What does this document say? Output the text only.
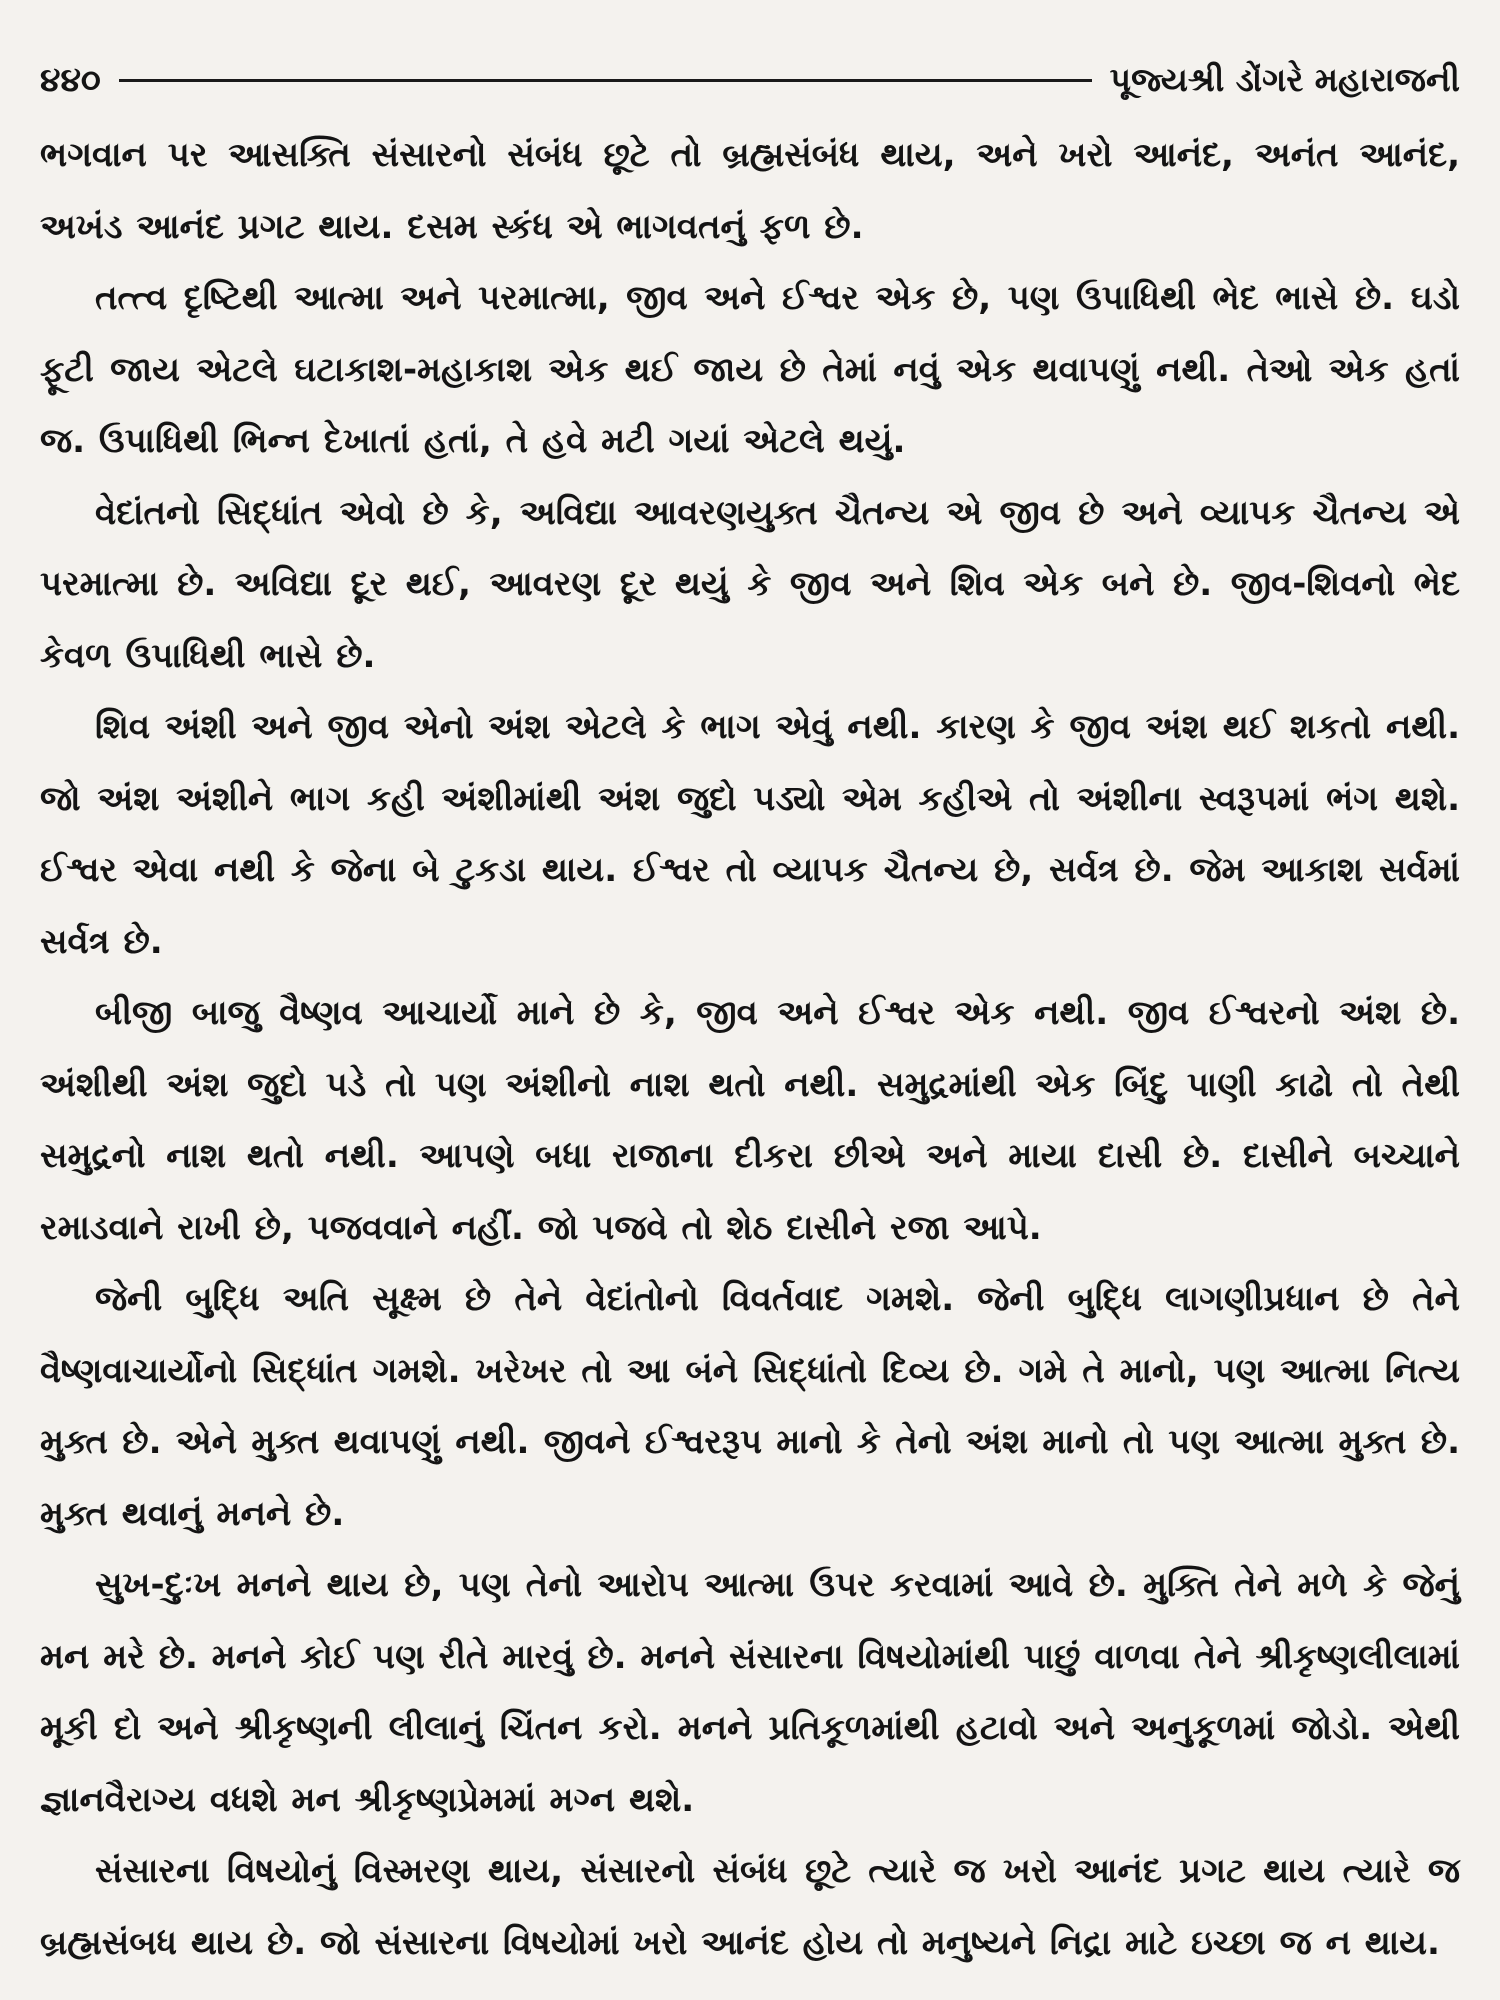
૪૪૦	પૂજ્યશ્રી ડોંગરે મહારાજની

ભગવાન પર આસક્તિ સંસારનો સંબંધ છૂટે તો બ્રહ્મસંબંધ થાય, અને ખરો આનંદ, અનંત આનંદ, અખંડ આનંદ પ્રગટ થાય. દસમ સ્કંધ એ ભાગવતનું ફળ છે.

તત્ત્વ દૃષ્ટિથી આત્મા અને પરમાત્મા, જીવ અને ઈશ્વર એક છે, પણ ઉપાધિથી ભેદ ભાસે છે. ઘડો ફૂટી જાય એટલે ઘટાકાશ-મહાકાશ એક થઈ જાય છે તેમાં નવું એક થવાપણું નથી. તેઓ એક હતાં જ. ઉપાધિથી ભિન્ન દેખાતાં હતાં, તે હવે મટી ગયાં એટલે થયું.

વેદાંતનો સિદ્ધાંત એવો છે કે, અવિદ્યા આવરણયુક્ત ચૈતન્ય એ જીવ છે અને વ્યાપક ચૈતન્ય એ પરમાત્મા છે. અવિદ્યા દૂર થઈ, આવરણ દૂર થયું કે જીવ અને શિવ એક બને છે. જીવ-શિવનો ભેદ કેવળ ઉપાધિથી ભાસે છે.

શિવ અંશી અને જીવ એનો અંશ એટલે કે ભાગ એવું નથી. કારણ કે જીવ અંશ થઈ શકતો નથી. જો અંશ અંશીને ભાગ કહી અંશીમાંથી અંશ જુદો પડ્યો એમ કહીએ તો અંશીના સ્વરૂપમાં ભંગ થશે. ઈશ્વર એવા નથી કે જેના બે ટુકડા થાય. ઈશ્વર તો વ્યાપક ચૈતન્ય છે, સર્વત્ર છે. જેમ આકાશ સર્વમાં સર્વત્ર છે.

બીજી બાજુ વૈષ્ણવ આચાર્યો માને છે કે, જીવ અને ઈશ્વર એક નથી. જીવ ઈશ્વરનો અંશ છે. અંશીથી અંશ જુદો પડે તો પણ અંશીનો નાશ થતો નથી. સમુદ્રમાંથી એક બિંદુ પાણી કાઢો તો તેથી સમુદ્રનો નાશ થતો નથી. આપણે બધા રાજાના દીકરા છીએ અને માયા દાસી છે. દાસીને બચ્ચાને રમાડવાને રાખી છે, પજવવાને નહીં. જો પજવે તો શેઠ દાસીને રજા આપે.

જેની બુદ્ધિ અતિ સૂક્ષ્મ છે તેને વેદાંતોનો વિવર્તવાદ ગમશે. જેની બુદ્ધિ લાગણીપ્રધાન છે તેને વૈષ્ણવાચાર્યોનો સિદ્ધાંત ગમશે. ખરેખર તો આ બંને સિદ્ધાંતો દિવ્ય છે. ગમે તે માનો, પણ આત્મા નિત્ય મુક્ત છે. એને મુક્ત થવાપણું નથી. જીવને ઈશ્વરરૂપ માનો કે તેનો અંશ માનો તો પણ આત્મા મુક્ત છે. મુક્ત થવાનું મનને છે.

સુખ-દુઃખ મનને થાય છે, પણ તેનો આરોપ આત્મા ઉપર કરવામાં આવે છે. મુક્તિ તેને મળે કે જેનું મન મરે છે. મનને કોઈ પણ રીતે મારવું છે. મનને સંસારના વિષયોમાંથી પાછું વાળવા તેને શ્રીકૃષ્ણલીલામાં મૂકી દો અને શ્રીકૃષ્ણની લીલાનું ચિંતન કરો. મનને પ્રતિકૂળમાંથી હટાવો અને અનુકૂળમાં જોડો. એથી જ્ઞાનવૈરાગ્ય વધશે મન શ્રીકૃષ્ણપ્રેમમાં મગ્ન થશે.

સંસારના વિષયોનું વિસ્મરણ થાય, સંસારનો સંબંધ છૂટે ત્યારે જ ખરો આનંદ પ્રગટ થાય ત્યારે જ બ્રહ્મસંબધ થાય છે. જો સંસારના વિષયોમાં ખરો આનંદ હોય તો મનુષ્યને નિદ્રા માટે ઇચ્છા જ ન થાય.
